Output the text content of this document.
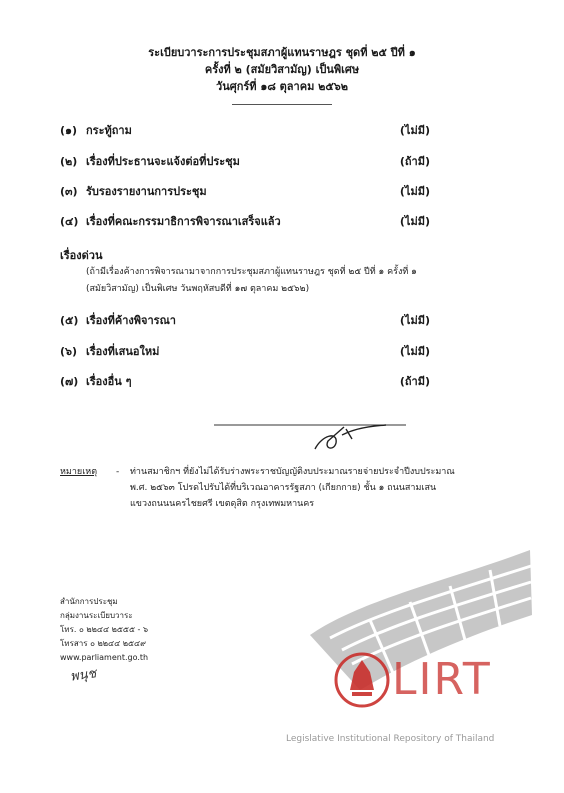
ระเบียบวาระการประชุมสภาผู้แทนราษฎร ชุดที่ ๒๕ ปีที่ ๑
ครั้งที่ ๒ (สมัยวิสามัญ) เป็นพิเศษ
วันศุกร์ที่ ๑๘ ตุลาคม ๒๕๖๒
(๑) กระทู้ถาม	(ไม่มี)
(๒) เรื่องที่ประธานจะแจ้งต่อที่ประชุม	(ถ้ามี)
(๓) รับรองรายงานการประชุม	(ไม่มี)
(๔) เรื่องที่คณะกรรมาธิการพิจารณาเสร็จแล้ว	(ไม่มี)
เรื่องด่วน
(ถ้ามีเรื่องค้างการพิจารณามาจากการประชุมสภาผู้แทนราษฎร ชุดที่ ๒๕ ปีที่ ๑ ครั้งที่ ๑
(สมัยวิสามัญ) เป็นพิเศษ วันพฤหัสบดีที่ ๑๗ ตุลาคม ๒๕๖๒)
(๕) เรื่องที่ค้างพิจารณา	(ไม่มี)
(๖) เรื่องที่เสนอใหม่	(ไม่มี)
(๗) เรื่องอื่น ๆ	(ถ้ามี)
หมายเหตุ - ท่านสมาชิกฯ ที่ยังไม่ได้รับร่างพระราชบัญญัติงบประมาณรายจ่ายประจำปีงบประมาณ
พ.ศ. ๒๕๖๓ โปรดไปรับได้ที่บริเวณอาคารรัฐสภา (เกียกกาย) ชั้น ๑ ถนนสามเสน
แขวงถนนนครไชยศรี เขตดุสิต กรุงเทพมหานคร
LIRT
Legislative Institutional Repository of Thailand
สำนักการประชุม
กลุ่มงานระเบียบวาระ
โทร. ๐ ๒๒๔๔ ๒๕๕๕ - ๖
โทรสาร ๐ ๒๒๔๔ ๒๕๔๙
www.parliament.go.th
พนุช
